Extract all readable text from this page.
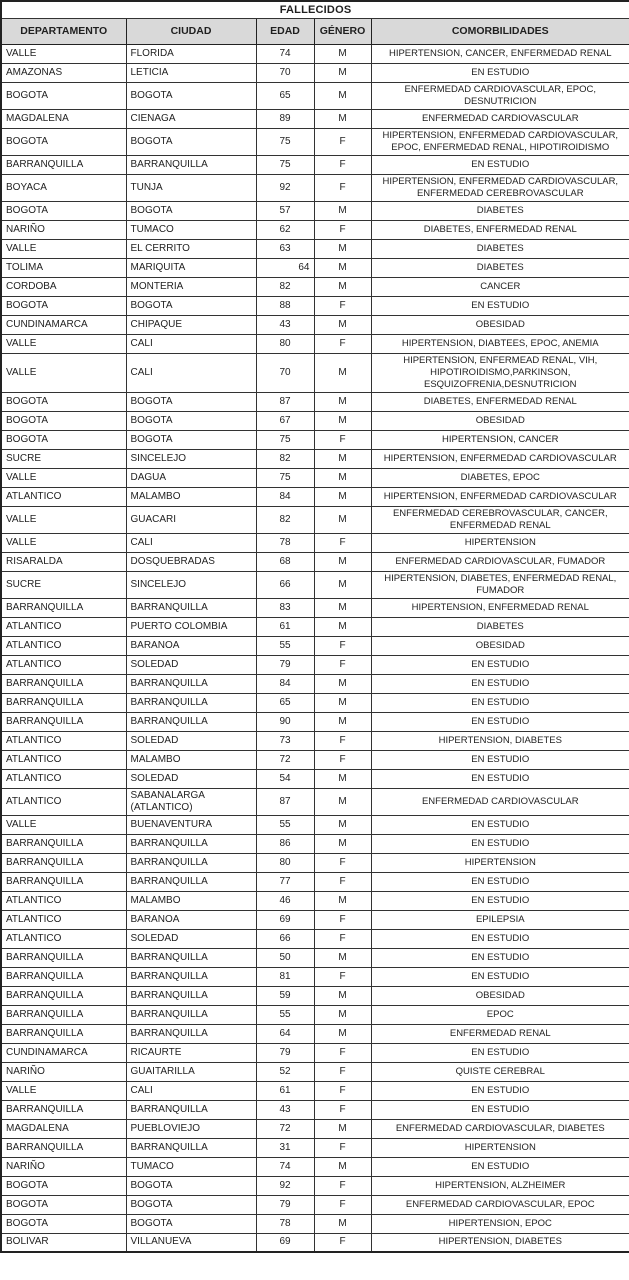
FALLECIDOS				
DEPARTAMENTO	CIUDAD	EDAD	GÉNERO	COMORBILIDADES
VALLE	FLORIDA	74	M	HIPERTENSION, CANCER, ENFERMEDAD RENAL
AMAZONAS	LETICIA	70	M	EN ESTUDIO
BOGOTA	BOGOTA	65	M	ENFERMEDAD CARDIOVASCULAR, EPOC, DESNUTRICION
MAGDALENA	CIENAGA	89	M	ENFERMEDAD CARDIOVASCULAR
BOGOTA	BOGOTA	75	F	HIPERTENSION, ENFERMEDAD CARDIOVASCULAR, EPOC, ENFERMEDAD RENAL, HIPOTIROIDISMO
BARRANQUILLA	BARRANQUILLA	75	F	EN ESTUDIO
BOYACA	TUNJA	92	F	HIPERTENSION, ENFERMEDAD CARDIOVASCULAR, ENFERMEDAD CEREBROVASCULAR
BOGOTA	BOGOTA	57	M	DIABETES
NARIÑO	TUMACO	62	F	DIABETES, ENFERMEDAD RENAL
VALLE	EL CERRITO	63	M	DIABETES
TOLIMA	MARIQUITA	64	M	DIABETES
CORDOBA	MONTERIA	82	M	CANCER
BOGOTA	BOGOTA	88	F	EN ESTUDIO
CUNDINAMARCA	CHIPAQUE	43	M	OBESIDAD
VALLE	CALI	80	F	HIPERTENSION, DIABTEES, EPOC, ANEMIA
VALLE	CALI	70	M	HIPERTENSION, ENFERMEAD RENAL, VIH, HIPOTIROIDISMO,PARKINSON, ESQUIZOFRENIA,DESNUTRICION
BOGOTA	BOGOTA	87	M	DIABETES, ENFERMEDAD RENAL
BOGOTA	BOGOTA	67	M	OBESIDAD
BOGOTA	BOGOTA	75	F	HIPERTENSION, CANCER
SUCRE	SINCELEJO	82	M	HIPERTENSION, ENFERMEDAD CARDIOVASCULAR
VALLE	DAGUA	75	M	DIABETES, EPOC
ATLANTICO	MALAMBO	84	M	HIPERTENSION, ENFERMEDAD CARDIOVASCULAR
VALLE	GUACARI	82	M	ENFERMEDAD CEREBROVASCULAR, CANCER, ENFERMEDAD RENAL
VALLE	CALI	78	F	HIPERTENSION
RISARALDA	DOSQUEBRADAS	68	M	ENFERMEDAD CARDIOVASCULAR, FUMADOR
SUCRE	SINCELEJO	66	M	HIPERTENSION, DIABETES, ENFERMEDAD RENAL, FUMADOR
BARRANQUILLA	BARRANQUILLA	83	M	HIPERTENSION, ENFERMEDAD RENAL
ATLANTICO	PUERTO COLOMBIA	61	M	DIABETES
ATLANTICO	BARANOA	55	F	OBESIDAD
ATLANTICO	SOLEDAD	79	F	EN ESTUDIO
BARRANQUILLA	BARRANQUILLA	84	M	EN ESTUDIO
BARRANQUILLA	BARRANQUILLA	65	M	EN ESTUDIO
BARRANQUILLA	BARRANQUILLA	90	M	EN ESTUDIO
ATLANTICO	SOLEDAD	73	F	HIPERTENSION, DIABETES
ATLANTICO	MALAMBO	72	F	EN ESTUDIO
ATLANTICO	SOLEDAD	54	M	EN ESTUDIO
ATLANTICO	SABANALARGA (ATLANTICO)	87	M	ENFERMEDAD CARDIOVASCULAR
VALLE	BUENAVENTURA	55	M	EN ESTUDIO
BARRANQUILLA	BARRANQUILLA	86	M	EN ESTUDIO
BARRANQUILLA	BARRANQUILLA	80	F	HIPERTENSION
BARRANQUILLA	BARRANQUILLA	77	F	EN ESTUDIO
ATLANTICO	MALAMBO	46	M	EN ESTUDIO
ATLANTICO	BARANOA	69	F	EPILEPSIA
ATLANTICO	SOLEDAD	66	F	EN ESTUDIO
BARRANQUILLA	BARRANQUILLA	50	M	EN ESTUDIO
BARRANQUILLA	BARRANQUILLA	81	F	EN ESTUDIO
BARRANQUILLA	BARRANQUILLA	59	M	OBESIDAD
BARRANQUILLA	BARRANQUILLA	55	M	EPOC
BARRANQUILLA	BARRANQUILLA	64	M	ENFERMEDAD RENAL
CUNDINAMARCA	RICAURTE	79	F	EN ESTUDIO
NARIÑO	GUAITARILLA	52	F	QUISTE CEREBRAL
VALLE	CALI	61	F	EN ESTUDIO
BARRANQUILLA	BARRANQUILLA	43	F	EN ESTUDIO
MAGDALENA	PUEBLOVIEJO	72	M	ENFERMEDAD CARDIOVASCULAR, DIABETES
BARRANQUILLA	BARRANQUILLA	31	F	HIPERTENSION
NARIÑO	TUMACO	74	M	EN ESTUDIO
BOGOTA	BOGOTA	92	F	HIPERTENSION, ALZHEIMER
BOGOTA	BOGOTA	79	F	ENFERMEDAD CARDIOVASCULAR, EPOC
BOGOTA	BOGOTA	78	M	HIPERTENSION, EPOC
BOLIVAR	VILLANUEVA	69	F	HIPERTENSION, DIABETES
